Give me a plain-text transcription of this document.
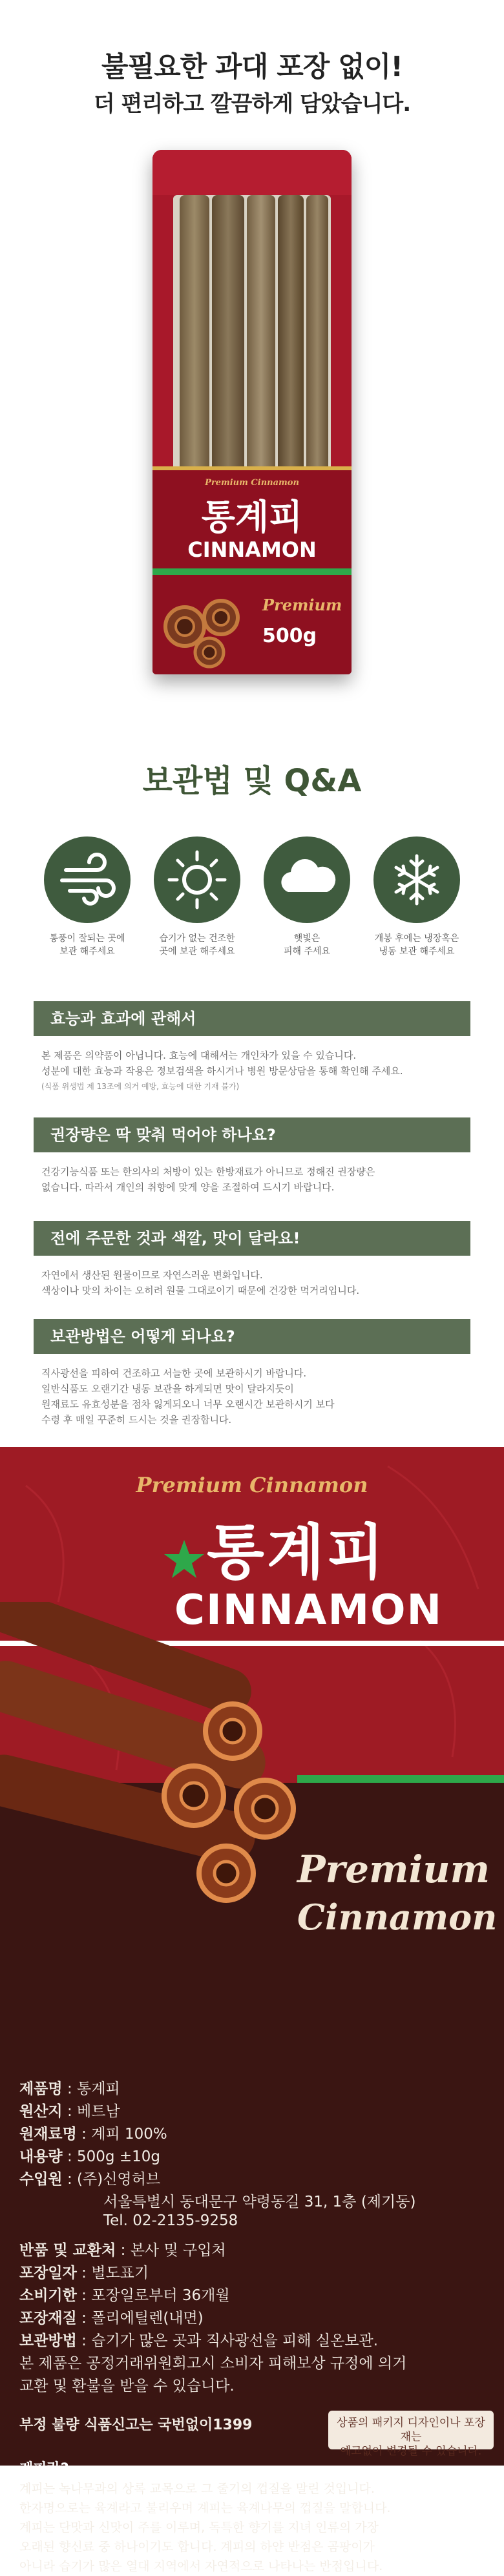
불필요한 과대 포장 없이!
더 편리하고 깔끔하게 담았습니다.
Premium Cinnamon
통계피
CINNAMON
Premium
500g
보관법 및 Q&A
통풍이 잘되는 곳에
보관 해주세요
습기가 없는 건조한
곳에 보관 해주세요
햇빛은
피해 주세요
개봉 후에는 냉장혹은
냉동 보관 해주세요
효능과 효과에 관해서
본 제품은 의약품이 아닙니다. 효능에 대해서는 개인차가 있을 수 있습니다.
성분에 대한 효능과 작용은 정보검색을 하시거나 병원 방문상담을 통해 확인해 주세요.
(식품 위생법 제 13조에 의거 예방, 효능에 대한 기재 불가)
권장량은 딱 맞춰 먹어야 하나요?
건강기능식품 또는 한의사의 처방이 있는 한방재료가 아니므로 정해진 권장량은
없습니다. 따라서 개인의 취향에 맞게 양을 조절하여 드시기 바랍니다.
전에 주문한 것과 색깔, 맛이 달라요!
자연에서 생산된 원물이므로 자연스러운 변화입니다.
색상이나 맛의 차이는 오히려 원물 그대로이기 때문에 건강한 먹거리입니다.
보관방법은 어떻게 되나요?
직사광선을 피하여 건조하고 서늘한 곳에 보관하시기 바랍니다.
일반식품도 오랜기간 냉동 보관을 하게되면 맛이 달라지듯이
원재료도 유효성분을 점차 잃게되오니 너무 오랜시간 보관하시기 보다
수령 후 매일 꾸준히 드시는 것을 권장합니다.
Premium Cinnamon
통계피
CINNAMON
Premium
Cinnamon
제품명 : 통계피
원산지 : 베트남
원재료명 : 계피 100%
내용량 : 500g ±10g
수입원 : (주)신영허브
서울특별시 동대문구 약령동길 31, 1층 (제기동)
Tel. 02-2135-9258
반품 및 교환처 : 본사 및 구입처
포장일자 : 별도표기
소비기한 : 포장일로부터 36개월
포장재질 : 폴리에틸렌(내면)
보관방법 : 습기가 많은 곳과 직사광선을 피해 실온보관.
본 제품은 공정거래위원회고시 소비자 피해보상 규정에 의거
교환 및 환불을 받을 수 있습니다.
부정 불량 식품신고는 국번없이1399	상품의 패키지 디자인이나 포장재는
예고없이 변경될 수 있습니다.
계피란?
계피는 녹나무과의 상록 교목으로 그 줄기의 껍질을 말린 것입니다.
한자명으로는 육계라고 불리우며 계피는 육계나무의 껍질을 말합니다.
계피는 단맛과 신맛이 주를 이루며, 독특한 향기를 지녀 인류의 가장
오래된 향신료 중 하나이기도 합니다. 계피의 하얀 반점은 곰팡이가
아니라 습기가 많은 열대 지역에서 자연적으로 나타나는 반점입니다.
